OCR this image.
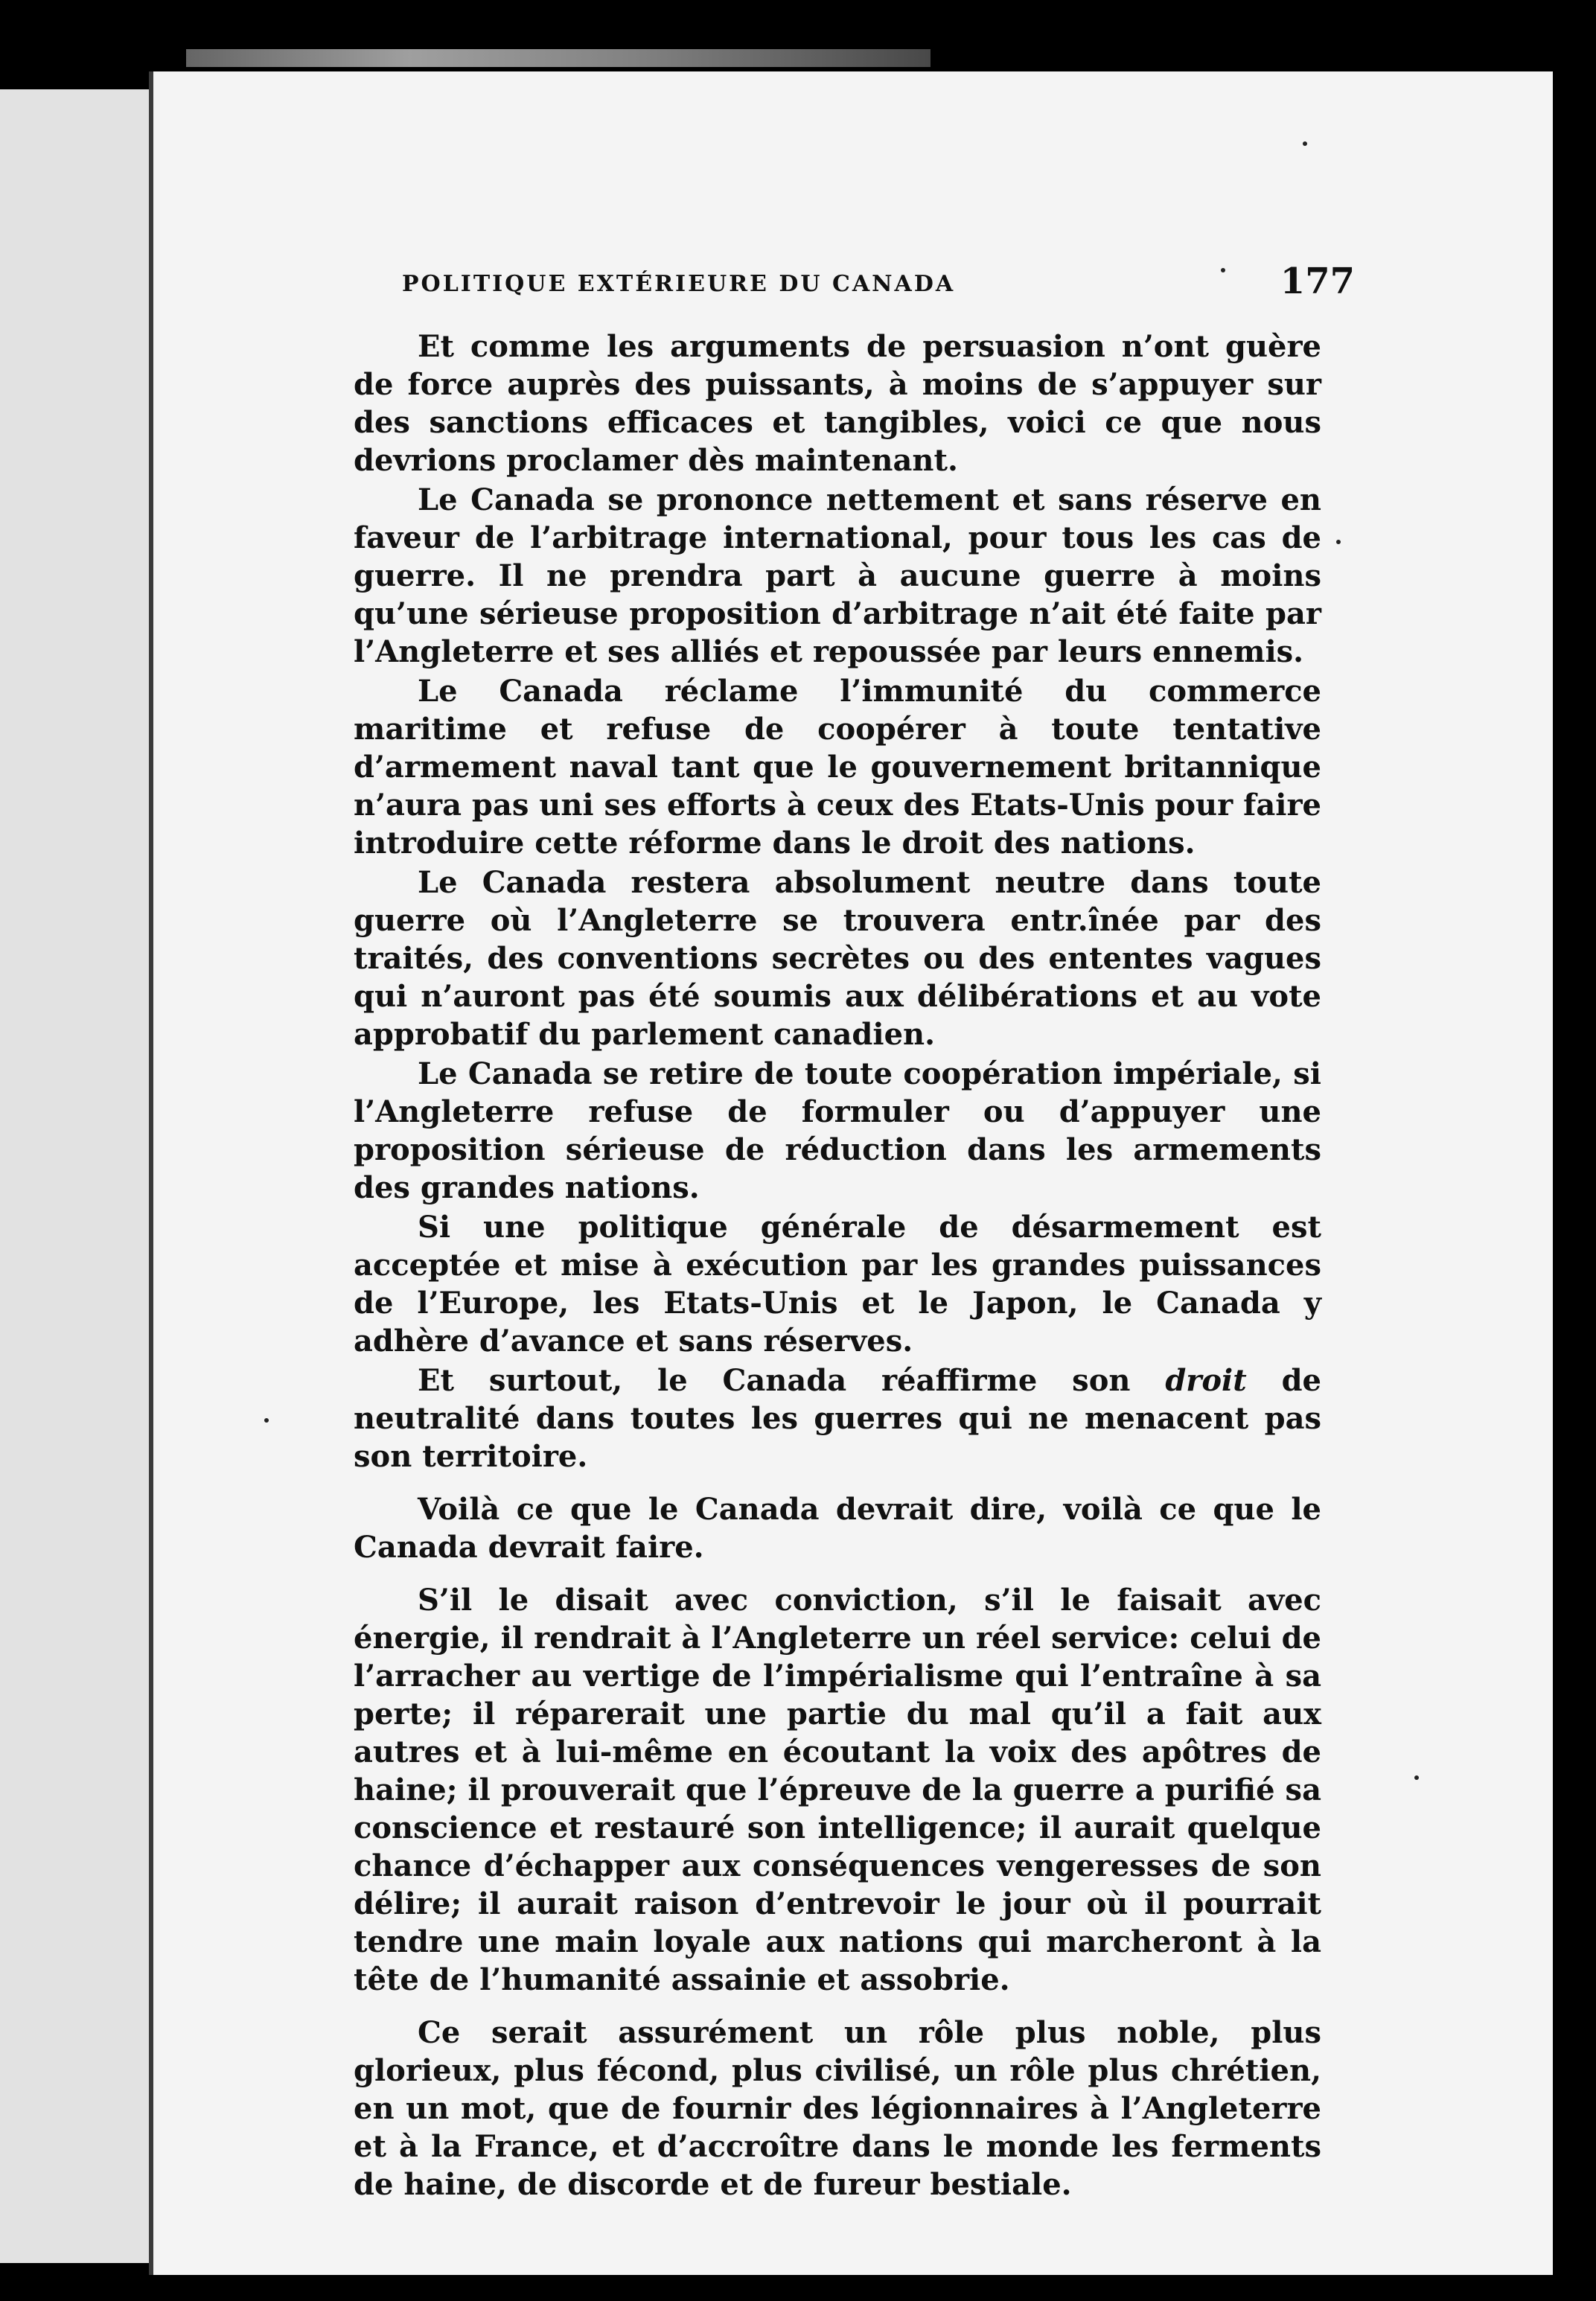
POLITIQUE EXTÉRIEURE DU CANADA	177

Et comme les arguments de persuasion n’ont guère de force auprès des puissants, à moins de s’appuyer sur des sanctions efficaces et tangibles, voici ce que nous devrions proclamer dès maintenant.

Le Canada se prononce nettement et sans réserve en faveur de l’arbitrage international, pour tous les cas de guerre. Il ne prendra part à aucune guerre à moins qu’une sérieuse proposition d’arbitrage n’ait été faite par l’Angleterre et ses alliés et repoussée par leurs ennemis.

Le Canada réclame l’immunité du commerce maritime et refuse de coopérer à toute tentative d’armement naval tant que le gouvernement britannique n’aura pas uni ses efforts à ceux des Etats-Unis pour faire introduire cette réforme dans le droit des nations.

Le Canada restera absolument neutre dans toute guerre où l’Angleterre se trouvera entr.înée par des traités, des conventions secrètes ou des ententes vagues qui n’auront pas été soumis aux délibérations et au vote approbatif du parlement canadien.

Le Canada se retire de toute coopération impériale, si l’Angleterre refuse de formuler ou d’appuyer une proposition sérieuse de réduction dans les armements des grandes nations.

Si une politique générale de désarmement est acceptée et mise à exécution par les grandes puissances de l’Europe, les Etats-Unis et le Japon, le Canada y adhère d’avance et sans réserves.

Et surtout, le Canada réaffirme son droit de neutralité dans toutes les guerres qui ne menacent pas son territoire.

Voilà ce que le Canada devrait dire, voilà ce que le Canada devrait faire.

S’il le disait avec conviction, s’il le faisait avec énergie, il rendrait à l’Angleterre un réel service: celui de l’arracher au vertige de l’impérialisme qui l’entraîne à sa perte; il réparerait une partie du mal qu’il a fait aux autres et à lui-même en écoutant la voix des apôtres de haine; il prouverait que l’épreuve de la guerre a purifié sa conscience et restauré son intelligence; il aurait quelque chance d’échapper aux conséquences vengeresses de son délire; il aurait raison d’entrevoir le jour où il pourrait tendre une main loyale aux nations qui marcheront à la tête de l’humanité assainie et assobrie.

Ce serait assurément un rôle plus noble, plus glorieux, plus fécond, plus civilisé, un rôle plus chrétien, en un mot, que de fournir des légionnaires à l’Angleterre et à la France, et d’accroître dans le monde les ferments de haine, de discorde et de fureur bestiale.
